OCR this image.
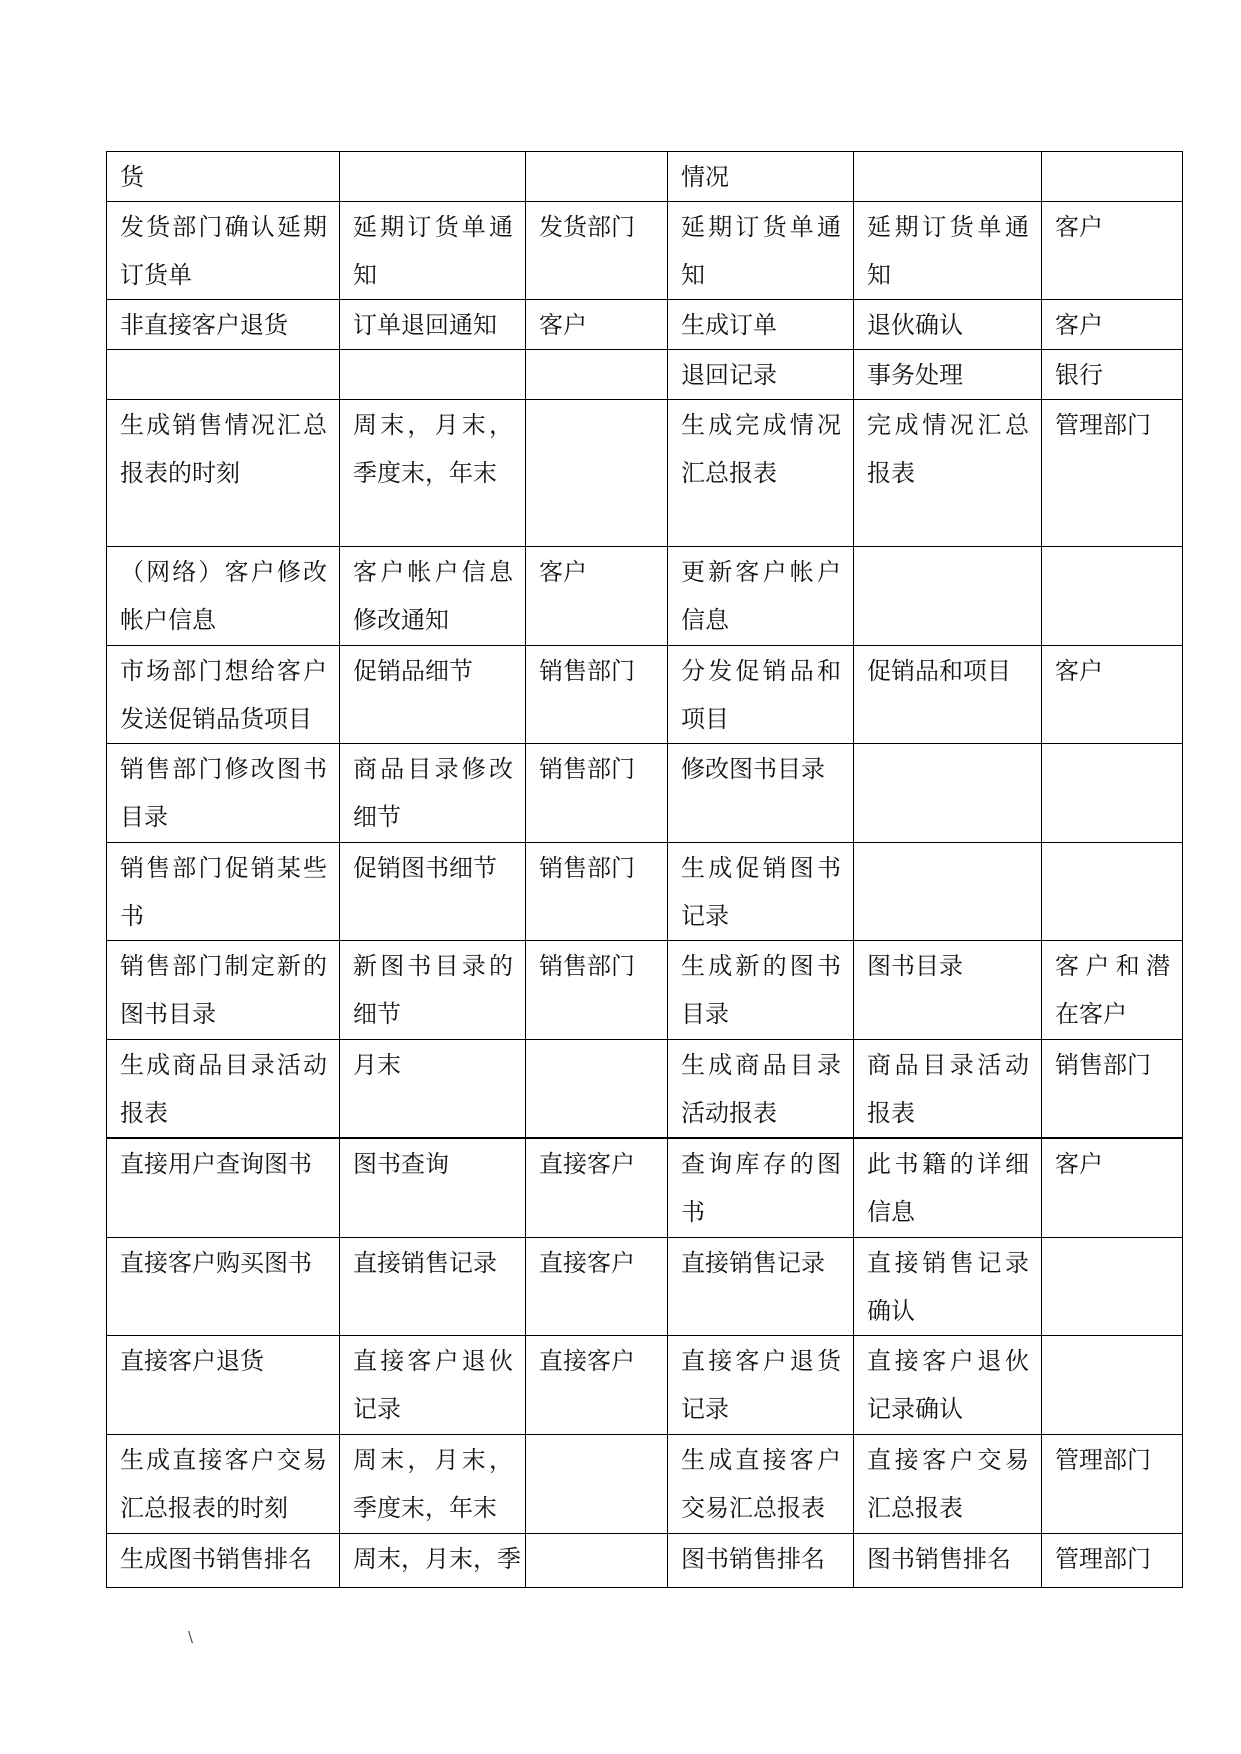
货			情况		
发货部门确认延期订货单	延期订货单通知	发货部门	延期订货单通知	延期订货单通知	客户
非直接客户退货	订单退回通知	客户	生成订单	退伙确认	客户
			退回记录	事务处理	银行
生成销售情况汇总报表的时刻	周末，月末，季度末，年末		生成完成情况汇总报表	完成情况汇总报表	管理部门
（网络）客户修改帐户信息	客户帐户信息修改通知	客户	更新客户帐户信息		
市场部门想给客户发送促销品货项目	促销品细节	销售部门	分发促销品和项目	促销品和项目	客户
销售部门修改图书目录	商品目录修改细节	销售部门	修改图书目录		
销售部门促销某些书	促销图书细节	销售部门	生成促销图书记录		
销售部门制定新的图书目录	新图书目录的细节	销售部门	生成新的图书目录	图书目录	客户和潜在客户
生成商品目录活动报表	月末		生成商品目录活动报表	商品目录活动报表	销售部门
直接用户查询图书	图书查询	直接客户	查询库存的图书	此书籍的详细信息	客户
直接客户购买图书	直接销售记录	直接客户	直接销售记录	直接销售记录确认	
直接客户退货	直接客户退伙记录	直接客户	直接客户退货记录	直接客户退伙记录确认	
生成直接客户交易汇总报表的时刻	周末，月末，季度末，年末		生成直接客户交易汇总报表	直接客户交易汇总报表	管理部门
生成图书销售排名	周末，月末，季		图书销售排名	图书销售排名	管理部门
\
